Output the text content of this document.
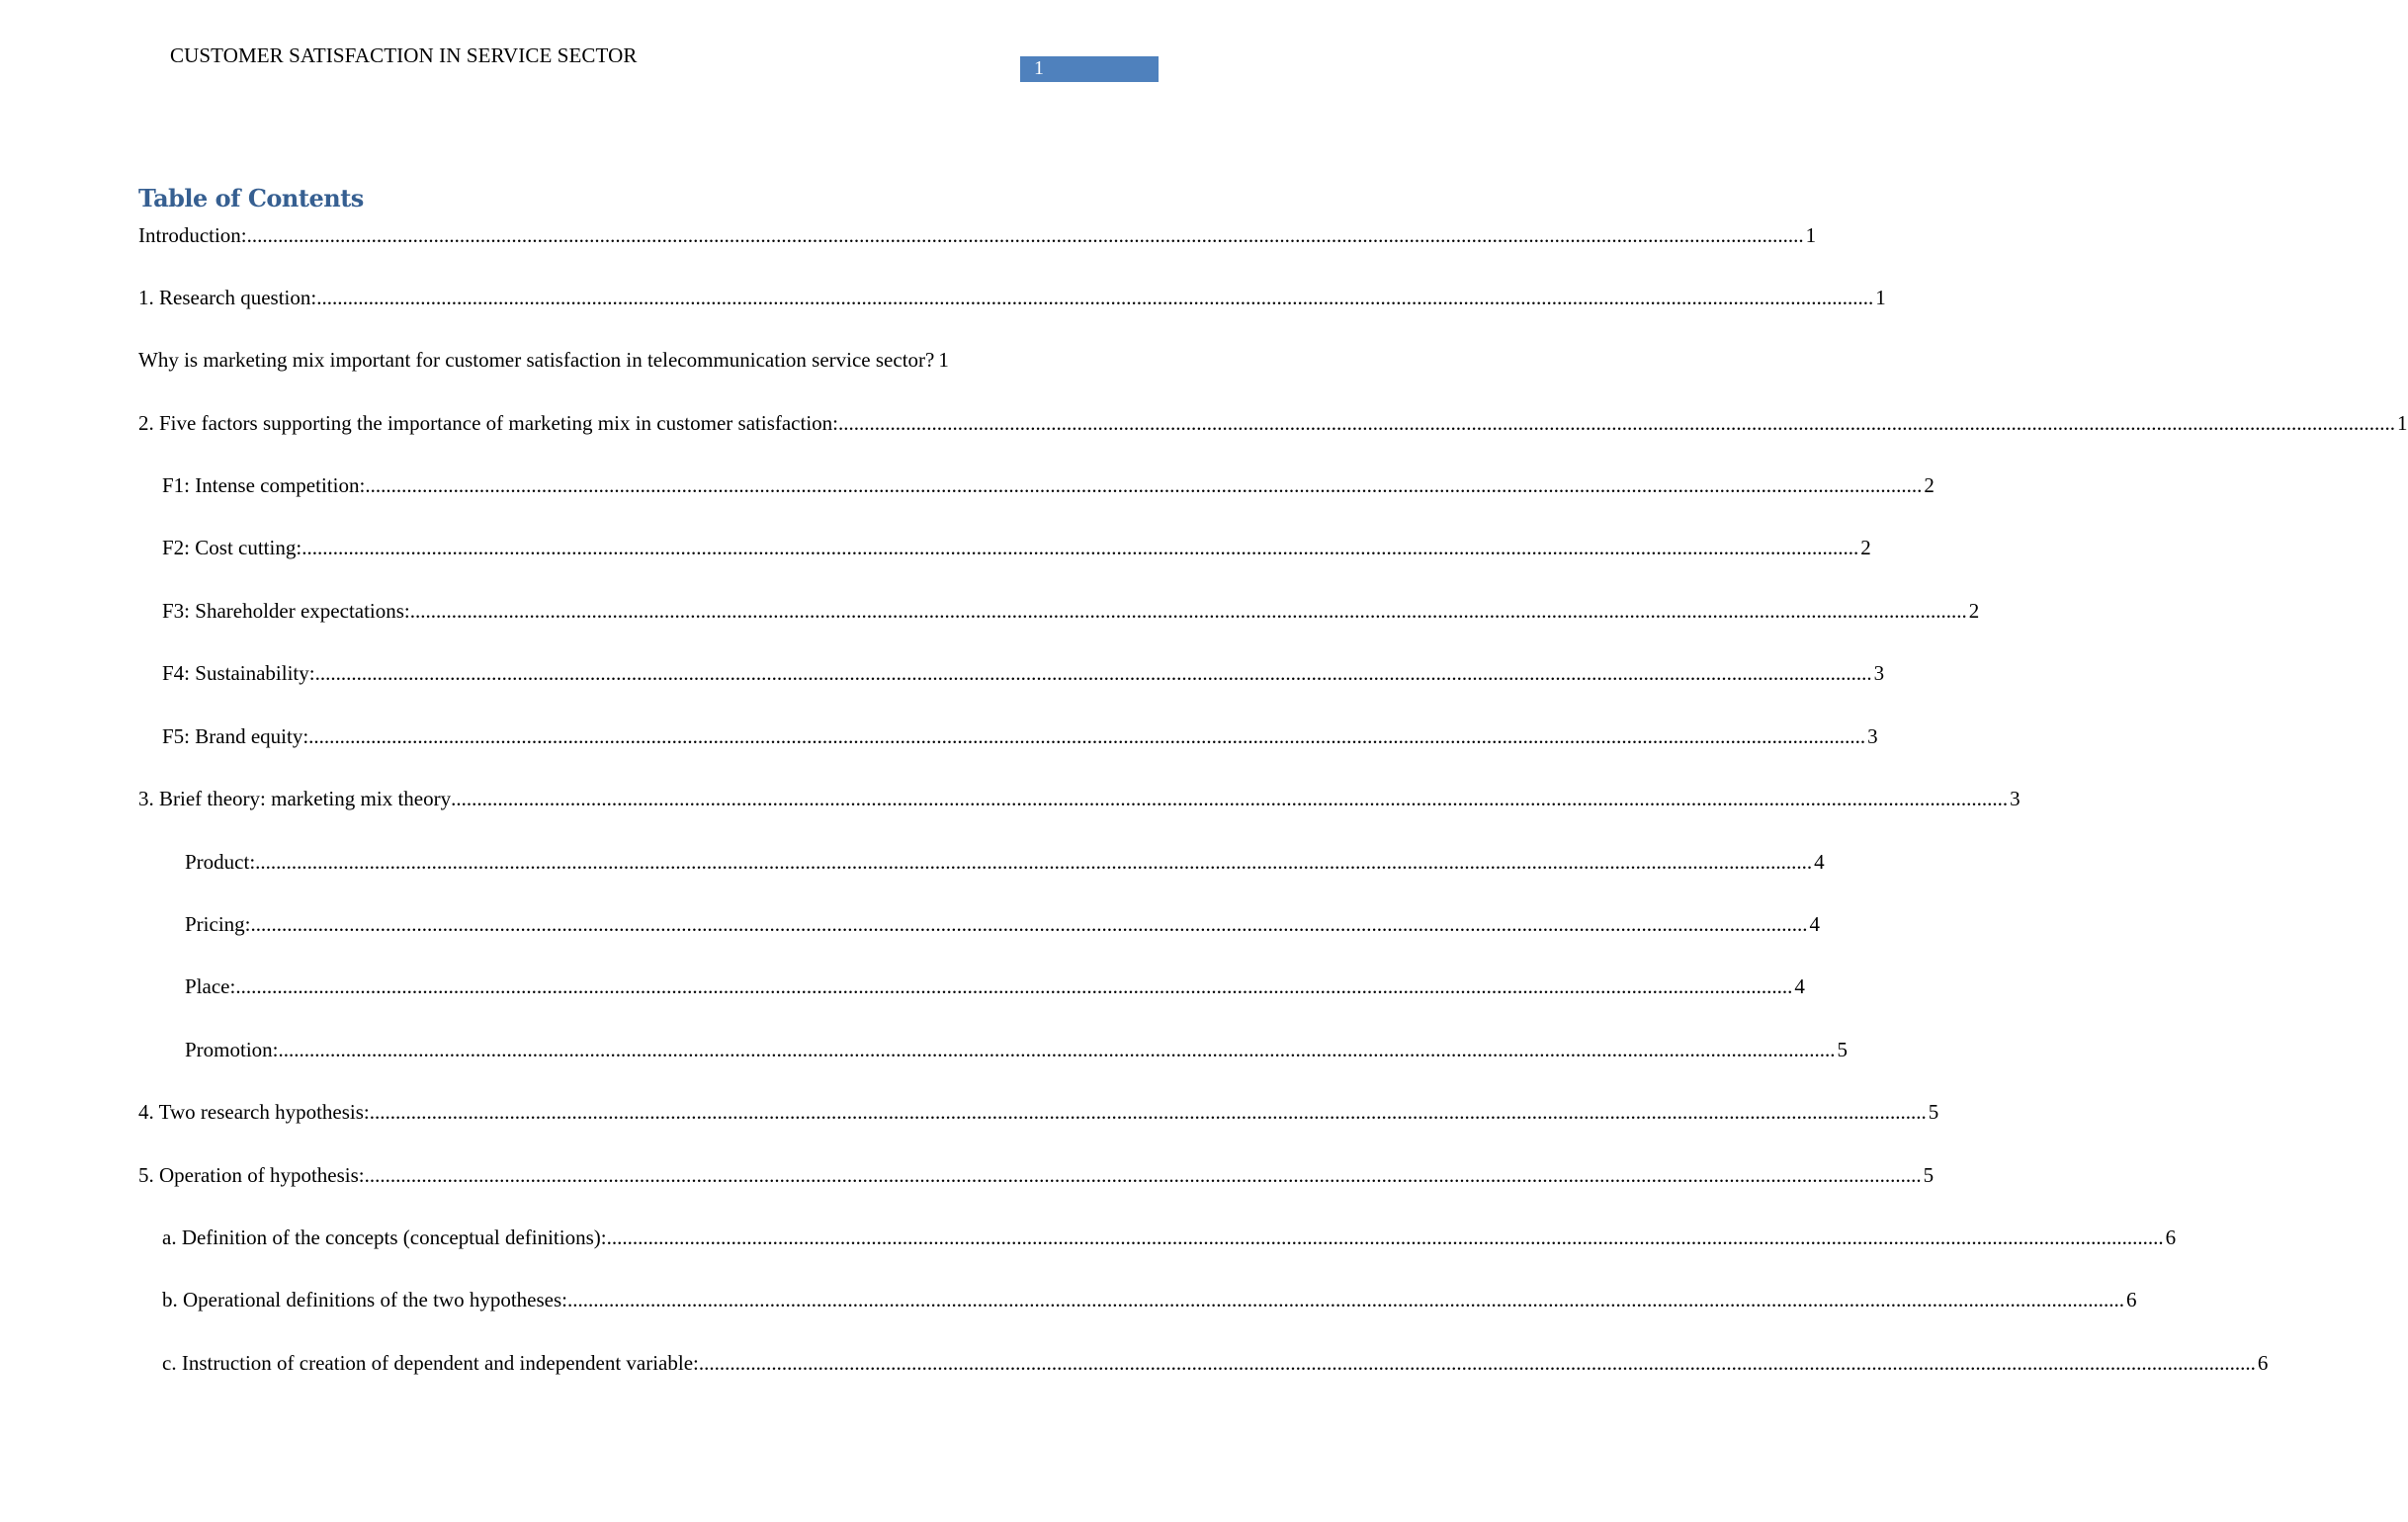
CUSTOMER SATISFACTION IN SERVICE SECTOR
1
Table of Contents
Introduction: ............................................................................................................................................................................................................................................................................................................ 1
1. Research question: ............................................................................................................................................................................................................................................................................................................ 1
Why is marketing mix important for customer satisfaction in telecommunication service sector? 1
2. Five factors supporting the importance of marketing mix in customer satisfaction: ............................................................................................................................................................................................................................................................................................................ 1
F1: Intense competition: ............................................................................................................................................................................................................................................................................................................ 2
F2: Cost cutting: ............................................................................................................................................................................................................................................................................................................ 2
F3: Shareholder expectations: ............................................................................................................................................................................................................................................................................................................ 2
F4: Sustainability: ............................................................................................................................................................................................................................................................................................................ 3
F5: Brand equity: ............................................................................................................................................................................................................................................................................................................ 3
3. Brief theory: marketing mix theory ............................................................................................................................................................................................................................................................................................................ 3
Product: ............................................................................................................................................................................................................................................................................................................ 4
Pricing: ............................................................................................................................................................................................................................................................................................................ 4
Place: ............................................................................................................................................................................................................................................................................................................ 4
Promotion: ............................................................................................................................................................................................................................................................................................................ 5
4. Two research hypothesis: ............................................................................................................................................................................................................................................................................................................ 5
5. Operation of hypothesis: ............................................................................................................................................................................................................................................................................................................ 5
a. Definition of the concepts (conceptual definitions): ............................................................................................................................................................................................................................................................................................................ 6
b. Operational definitions of the two hypotheses: ............................................................................................................................................................................................................................................................................................................ 6
c. Instruction of creation of dependent and independent variable: ............................................................................................................................................................................................................................................................................................................ 6
